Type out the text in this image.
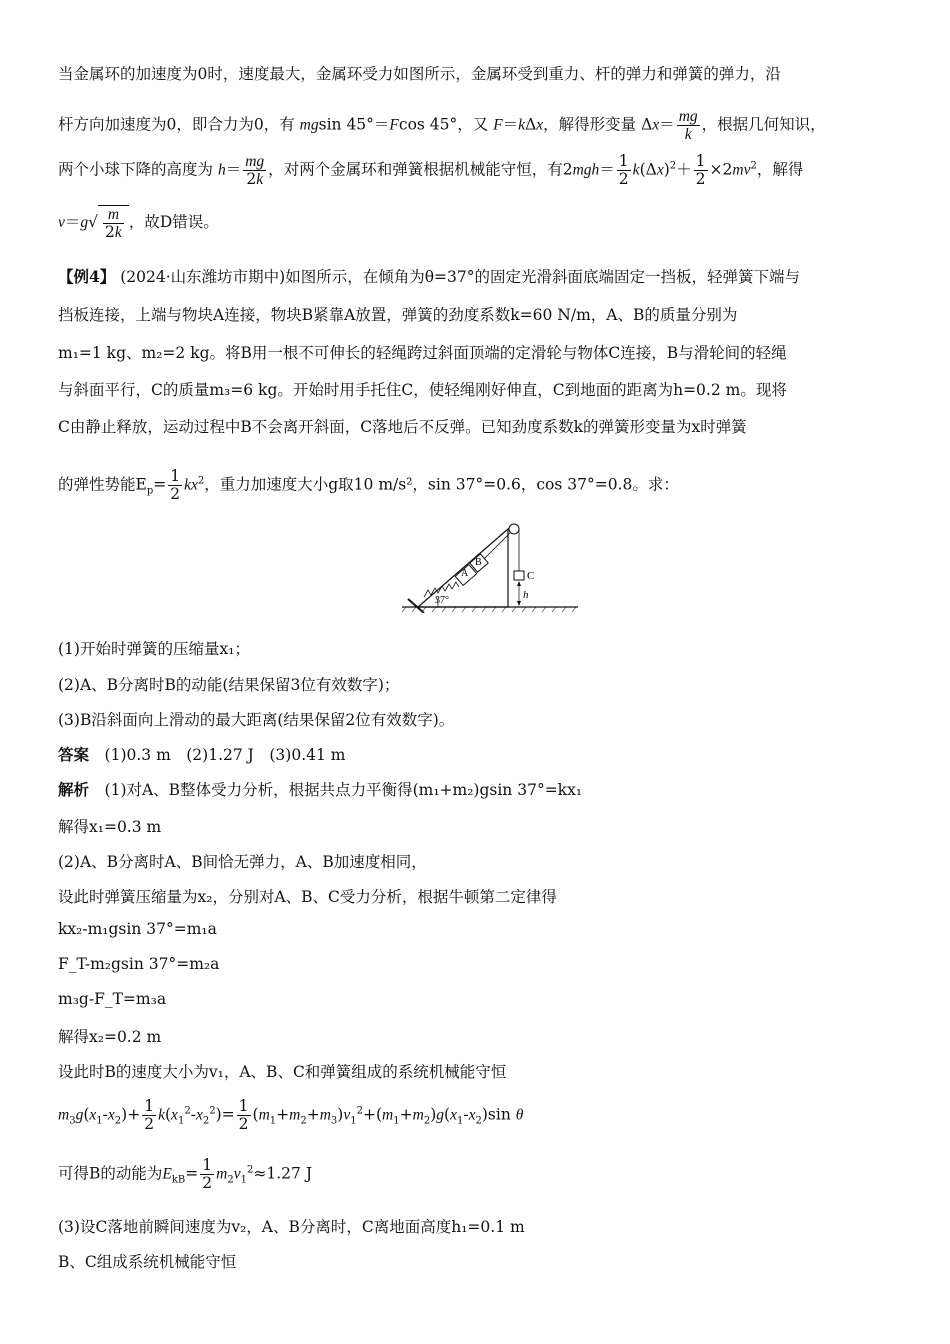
当金属环的加速度为0时，速度最大，金属环受力如图所示，金属环受到重力、杆的弹力和弹簧的弹力，沿
杆方向加速度为0，即合力为0，有 mgsin 45°＝Fcos 45°，又 F＝kΔx，解得形变量 $\Delta x= \frac{mg}{k}$ ，根据几何知识，
两个小球下降的高度为 $h= \frac{mg}{2k}$ ，对两个金属环和弹簧根据机械能守恒，有$2mgh= \frac{1}{2} k(\Delta x)^2+ \frac{1}{2} \times 2mv^2$，解得
$v=g√ \frac{m}{2k}$ ，故D错误。
【例4】 (2024·山东潍坊市期中)如图所示，在倾角为θ=37°的固定光滑斜面底端固定一挡板，轻弹簧下端与
挡板连接，上端与物块A连接，物块B紧靠A放置，弹簧的劲度系数k=60 N/m，A、B的质量分别为
m₁=1 kg、m₂=2 kg。将B用一根不可伸长的轻绳跨过斜面顶端的定滑轮与物体C连接，B与滑轮间的轻绳
与斜面平行，C的质量m₃=6 kg。开始时用手托住C，使轻绳刚好伸直，C到地面的距离为h=0.2 m。现将
C由静止释放，运动过程中B不会离开斜面，C落地后不反弹。已知劲度系数k的弹簧形变量为x时弹簧
的弹性势能$E_p= \frac{1}{2} kx^2$，重力加速度大小g取10 m/s²，sin 37°=0.6，cos 37°=0.8。求：
A
B
C
h
37°
(1)开始时弹簧的压缩量x₁；
(2)A、B分离时B的动能(结果保留3位有效数字)；
(3)B沿斜面向上滑动的最大距离(结果保留2位有效数字)。
答案　 (1)0.3 m　(2)1.27 J　(3)0.41 m
解析　 (1)对A、B整体受力分析，根据共点力平衡得(m₁+m₂)gsin 37°=kx₁
解得x₁=0.3 m
(2)A、B分离时A、B间恰无弹力，A、B加速度相同，
设此时弹簧压缩量为x₂，分别对A、B、C受力分析，根据牛顿第二定律得
kx₂-m₁gsin 37°=m₁a
F_T-m₂gsin 37°=m₂a
m₃g-F_T=m₃a
解得x₂=0.2 m
设此时B的速度大小为v₁，A、B、C和弹簧组成的系统机械能守恒
$m_3g(x_1-x_2)+ \frac{1}{2} k(x_1^2-x_2^2)= \frac{1}{2} (m_1+m_2+m_3)v_1^2+(m_1+m_2)g(x_1-x_2)\sin$ θ
可得B的动能为$E_{kB}= \frac{1}{2} m_2v_1^2\approx 1.27$ J
(3)设C落地前瞬间速度为v₂，A、B分离时，C离地面高度h₁=0.1 m
B、C组成系统机械能守恒
